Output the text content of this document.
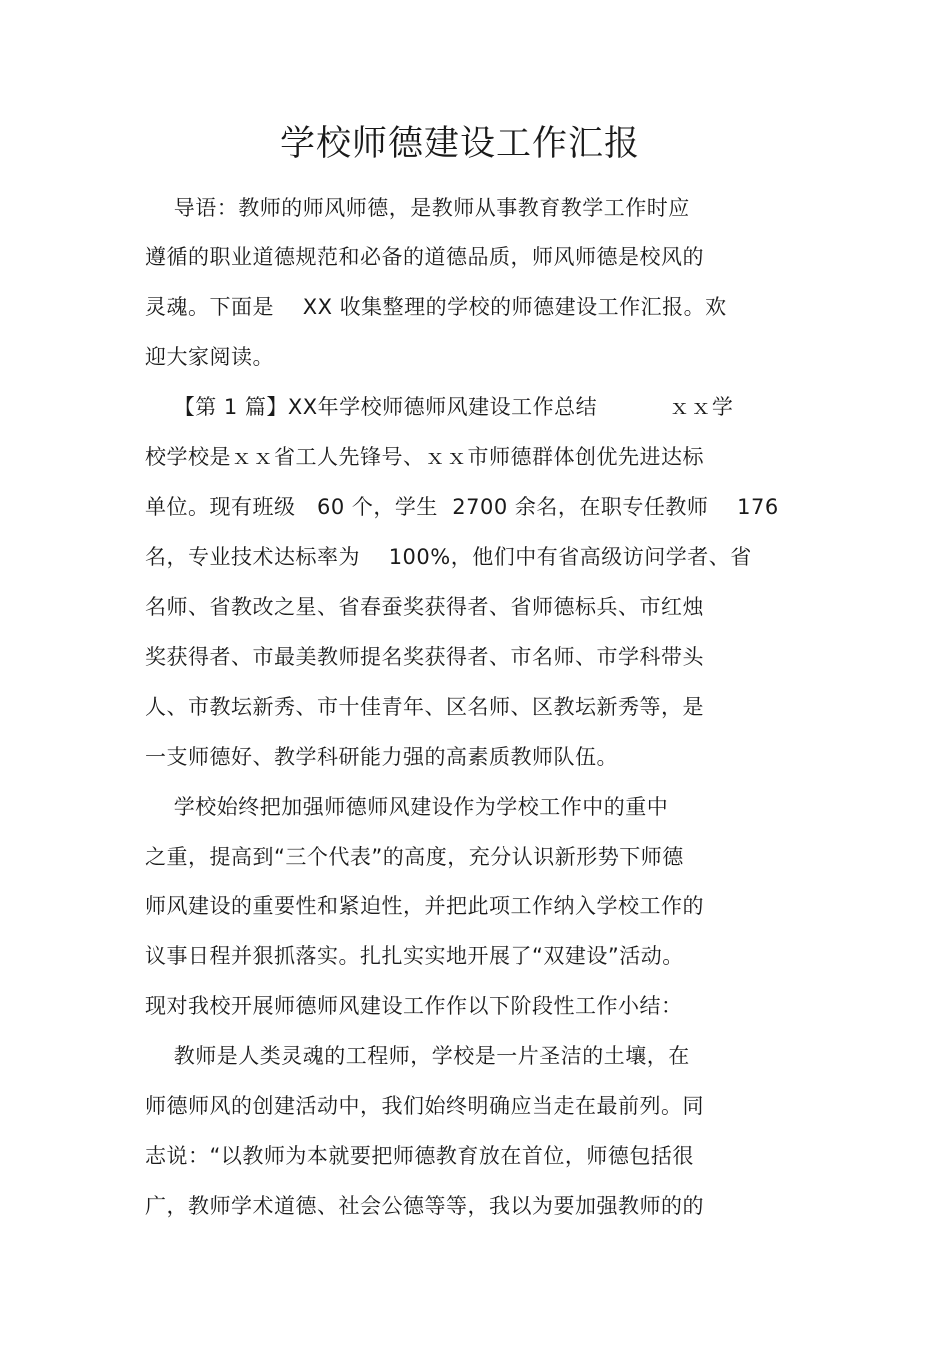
学校师德建设工作汇报
导语：教师的师风师德，是教师从事教育教学工作时应
遵循的职业道德规范和必备的道德品质，师风师德是校风的
灵魂。下面是    XX 收集整理的学校的师德建设工作汇报。欢
迎大家阅读。
【第 1 篇】XX年学校师德师风建设工作总结          ｘｘ学
校学校是ｘｘ省工人先锋号、ｘｘ市师德群体创优先进达标
单位。现有班级   60 个，学生  2700 余名，在职专任教师    176
名，专业技术达标率为    100%，他们中有省高级访问学者、省
名师、省教改之星、省春蚕奖获得者、省师德标兵、市红烛
奖获得者、市最美教师提名奖获得者、市名师、市学科带头
人、市教坛新秀、市十佳青年、区名师、区教坛新秀等，是
一支师德好、教学科研能力强的高素质教师队伍。
学校始终把加强师德师风建设作为学校工作中的重中
之重，提高到“三个代表”的高度，充分认识新形势下师德
师风建设的重要性和紧迫性，并把此项工作纳入学校工作的
议事日程并狠抓落实。扎扎实实地开展了“双建设”活动。
现对我校开展师德师风建设工作作以下阶段性工作小结：
教师是人类灵魂的工程师，学校是一片圣洁的土壤，在
师德师风的创建活动中，我们始终明确应当走在最前列。同
志说：“以教师为本就要把师德教育放在首位，师德包括很
广，教师学术道德、社会公德等等，我以为要加强教师的的
